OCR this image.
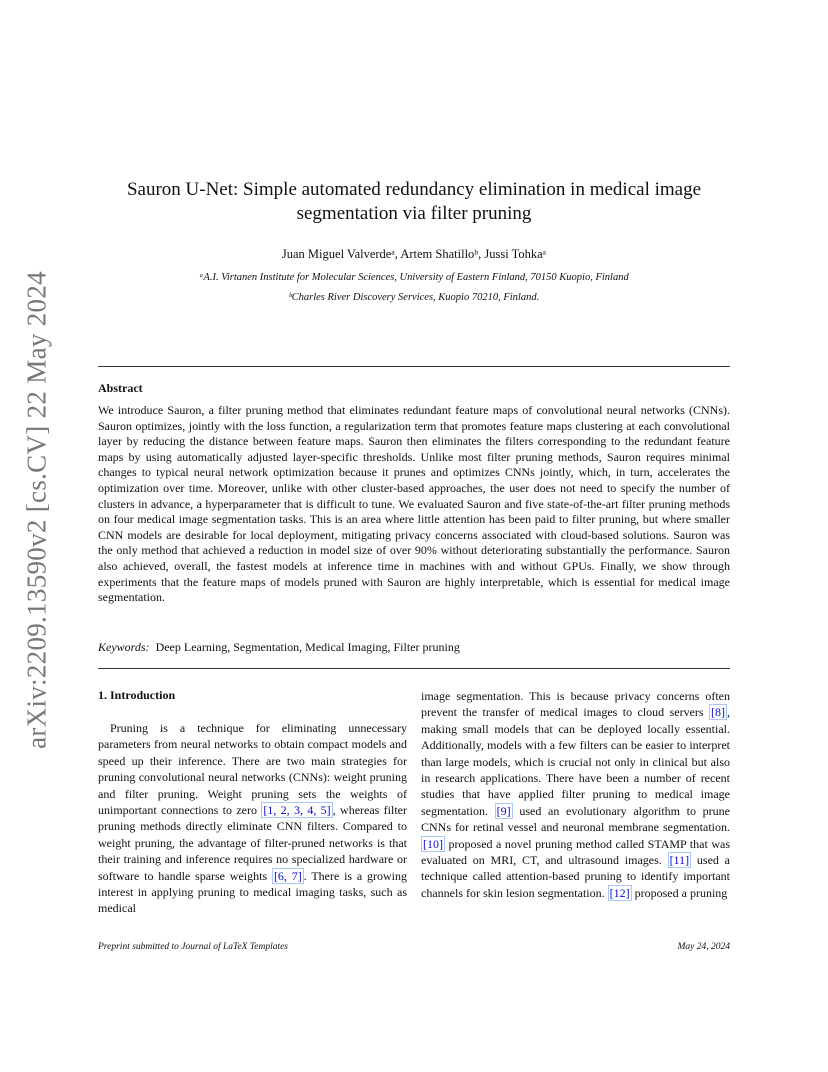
arXiv:2209.13590v2 [cs.CV] 22 May 2024
Sauron U-Net: Simple automated redundancy elimination in medical image
segmentation via filter pruning
Juan Miguel Valverdeᵃ, Artem Shatilloᵇ, Jussi Tohkaᵃ
ᵃA.I. Virtanen Institute for Molecular Sciences, University of Eastern Finland, 70150 Kuopio, Finland
ᵇCharles River Discovery Services, Kuopio 70210, Finland.
Abstract
We introduce Sauron, a filter pruning method that eliminates redundant feature maps of convolutional neural networks (CNNs). Sauron optimizes, jointly with the loss function, a regularization term that promotes feature maps clustering at each convolutional layer by reducing the distance between feature maps. Sauron then eliminates the filters corresponding to the redundant feature maps by using automatically adjusted layer-specific thresholds. Unlike most filter pruning methods, Sauron requires minimal changes to typical neural network optimization because it prunes and optimizes CNNs jointly, which, in turn, accelerates the optimization over time. Moreover, unlike with other cluster-based approaches, the user does not need to specify the number of clusters in advance, a hyperparameter that is difficult to tune. We evaluated Sauron and five state-of-the-art filter pruning methods on four medical image segmentation tasks. This is an area where little attention has been paid to filter pruning, but where smaller CNN models are desirable for local deployment, mitigating privacy concerns associated with cloud-based solutions. Sauron was the only method that achieved a reduction in model size of over 90% without deteriorating substantially the performance. Sauron also achieved, overall, the fastest models at inference time in machines with and without GPUs. Finally, we show through experiments that the feature maps of models pruned with Sauron are highly interpretable, which is essential for medical image segmentation.
Keywords: Deep Learning, Segmentation, Medical Imaging, Filter pruning
1. Introduction
Pruning is a technique for eliminating unnecessary parameters from neural networks to obtain compact models and speed up their inference. There are two main strategies for pruning convolutional neural networks (CNNs): weight pruning and filter pruning. Weight pruning sets the weights of unimportant connections to zero [1, 2, 3, 4, 5] , whereas filter pruning methods directly eliminate CNN filters. Compared to weight pruning, the advantage of filter-pruned networks is that their training and inference requires no specialized hardware or software to handle sparse weights [6, 7] . There is a growing interest in applying pruning to medical imaging tasks, such as medical
image segmentation. This is because privacy concerns often prevent the transfer of medical images to cloud servers [8] , making small models that can be deployed locally essential. Additionally, models with a few filters can be easier to interpret than large models, which is crucial not only in clinical but also in research applications. There have been a number of recent studies that have applied filter pruning to medical image segmentation. [9] used an evolutionary algorithm to prune CNNs for retinal vessel and neuronal membrane segmentation. [10] proposed a novel pruning method called STAMP that was evaluated on MRI, CT, and ultrasound images. [11] used a technique called attention-based pruning to identify important channels for skin lesion segmentation. [12] proposed a pruning
Preprint submitted to Journal of LaTeX Templates	May 24, 2024
